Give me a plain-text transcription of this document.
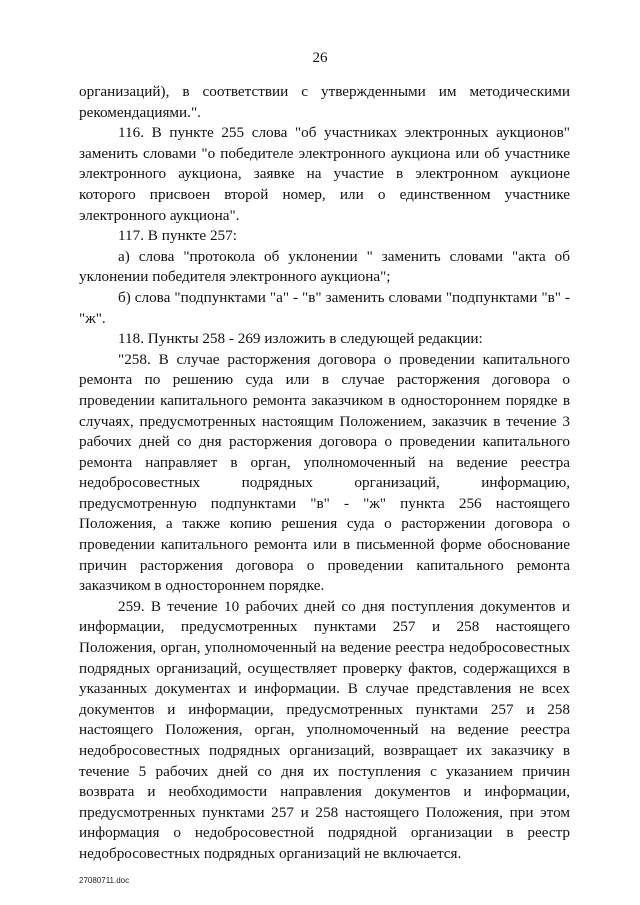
26

организаций), в соответствии с утвержденными им методическими рекомендациями.".

116. В пункте 255 слова "об участниках электронных аукционов" заменить словами "о победителе электронного аукциона или об участнике электронного аукциона, заявке на участие в электронном аукционе которого присвоен второй номер, или о единственном участнике электронного аукциона".

117. В пункте 257:

а) слова "протокола об уклонении " заменить словами "акта об уклонении победителя электронного аукциона";

б) слова "подпунктами "а" - "в" заменить словами "подпунктами "в" - "ж".

118. Пункты 258 - 269 изложить в следующей редакции:

"258. В случае расторжения договора о проведении капитального ремонта по решению суда или в случае расторжения договора о проведении капитального ремонта заказчиком в одностороннем порядке в случаях, предусмотренных настоящим Положением, заказчик в течение 3 рабочих дней со дня расторжения договора о проведении капитального ремонта направляет в орган, уполномоченный на ведение реестра недобросовестных подрядных организаций, информацию, предусмотренную подпунктами "в" - "ж" пункта 256 настоящего Положения, а также копию решения суда о расторжении договора о проведении капитального ремонта или в письменной форме обоснование причин расторжения договора о проведении капитального ремонта заказчиком в одностороннем порядке.

259. В течение 10 рабочих дней со дня поступления документов и информации, предусмотренных пунктами 257 и 258 настоящего Положения, орган, уполномоченный на ведение реестра недобросовестных подрядных организаций, осуществляет проверку фактов, содержащихся в указанных документах и информации. В случае представления не всех документов и информации, предусмотренных пунктами 257 и 258 настоящего Положения, орган, уполномоченный на ведение реестра недобросовестных подрядных организаций, возвращает их заказчику в течение 5 рабочих дней со дня их поступления с указанием причин возврата и необходимости направления документов и информации, предусмотренных пунктами 257 и 258 настоящего Положения, при этом информация о недобросовестной подрядной организации в реестр недобросовестных подрядных организаций не включается.

27080711.doc
